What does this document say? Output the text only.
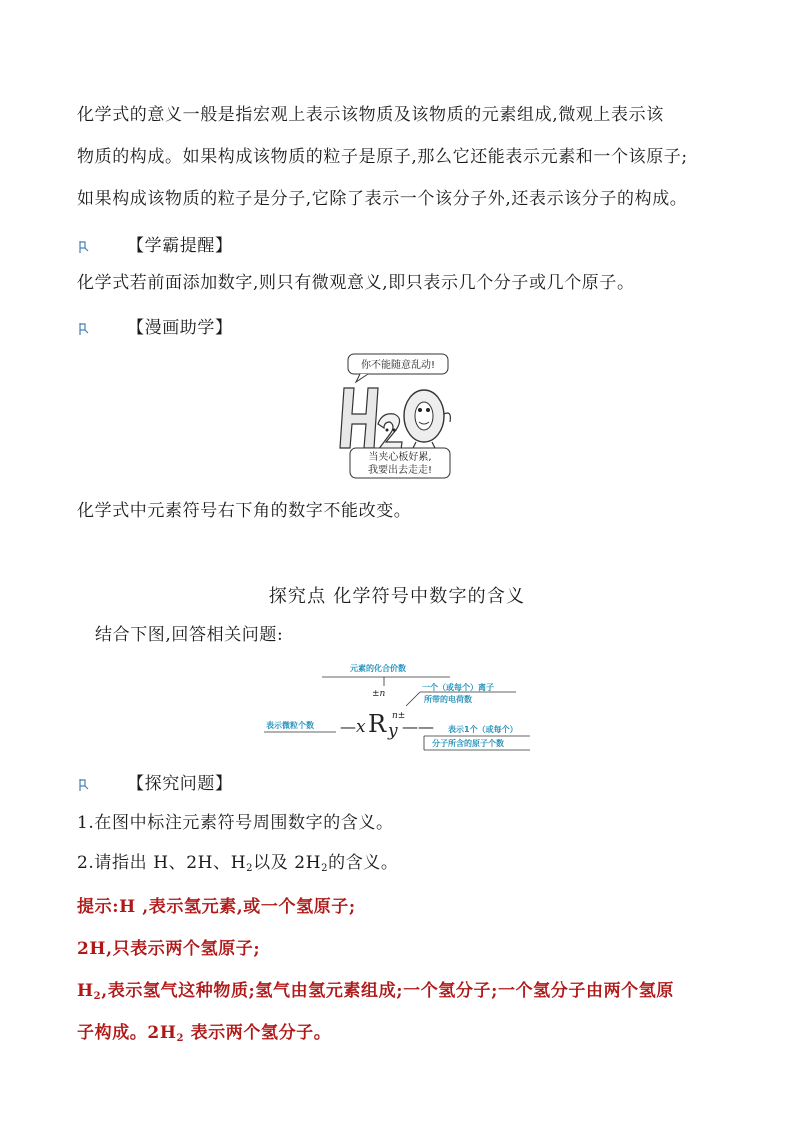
化学式的意义一般是指宏观上表示该物质及该物质的元素组成,微观上表示该

物质的构成。如果构成该物质的粒子是原子,那么它还能表示元素和一个该原子;

如果构成该物质的粒子是分子,它除了表示一个该分子外,还表示该分子的构成。

【学霸提醒】

化学式若前面添加数字,则只有微观意义,即只表示几个分子或几个原子。

【漫画助学】
你不能随意乱动!
当夹心板好累,
我要出去走走!

化学式中元素符号右下角的数字不能改变。

探究点 化学符号中数字的含义

结合下图,回答相关问题:

元素的化合价数
一个（或每个）离子
所带的电荷数
表示微粒个数	表示1个（或每个）
分子所含的原子个数
— x R y
±n
n±
——
【探究问题】

1.在图中标注元素符号周围数字的含义。

2.请指出 H、2H、$H_2$以及 $2H_2$的含义。

提示:H ,表示氢元素,或一个氢原子;

2H,只表示两个氢原子;

$H_2$,表示氢气这种物质;氢气由氢元素组成;一个氢分子;一个氢分子由两个氢原

子构成。$2H_2$ 表示两个氢分子。
